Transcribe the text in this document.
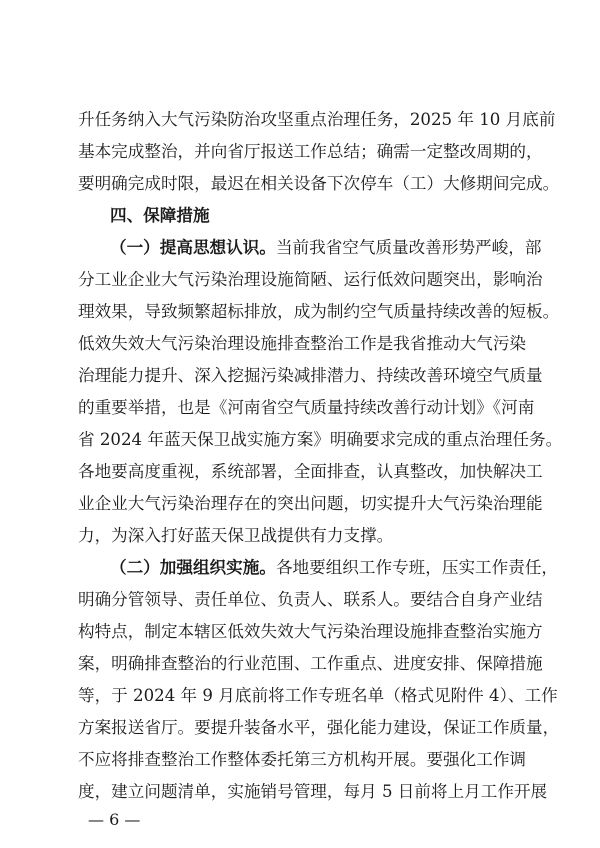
升任务纳入大气污染防治攻坚重点治理任务，2025 年 10 月底前
基本完成整治，并向省厅报送工作总结；确需一定整改周期的，
要明确完成时限，最迟在相关设备下次停车（工）大修期间完成。
四、保障措施
（一）提高思想认识。当前我省空气质量改善形势严峻，部
分工业企业大气污染治理设施简陋、运行低效问题突出，影响治
理效果，导致频繁超标排放，成为制约空气质量持续改善的短板。
低效失效大气污染治理设施排查整治工作是我省推动大气污染
治理能力提升、深入挖掘污染减排潜力、持续改善环境空气质量
的重要举措，也是《河南省空气质量持续改善行动计划》《河南
省 2024 年蓝天保卫战实施方案》明确要求完成的重点治理任务。
各地要高度重视，系统部署，全面排查，认真整改，加快解决工
业企业大气污染治理存在的突出问题，切实提升大气污染治理能
力，为深入打好蓝天保卫战提供有力支撑。
（二）加强组织实施。各地要组织工作专班，压实工作责任，
明确分管领导、责任单位、负责人、联系人。要结合自身产业结
构特点，制定本辖区低效失效大气污染治理设施排查整治实施方
案，明确排查整治的行业范围、工作重点、进度安排、保障措施
等，于 2024 年 9 月底前将工作专班名单（格式见附件 4）、工作
方案报送省厅。要提升装备水平，强化能力建设，保证工作质量，
不应将排查整治工作整体委托第三方机构开展。要强化工作调
度，建立问题清单，实施销号管理，每月 5 日前将上月工作开展
— 6 —
